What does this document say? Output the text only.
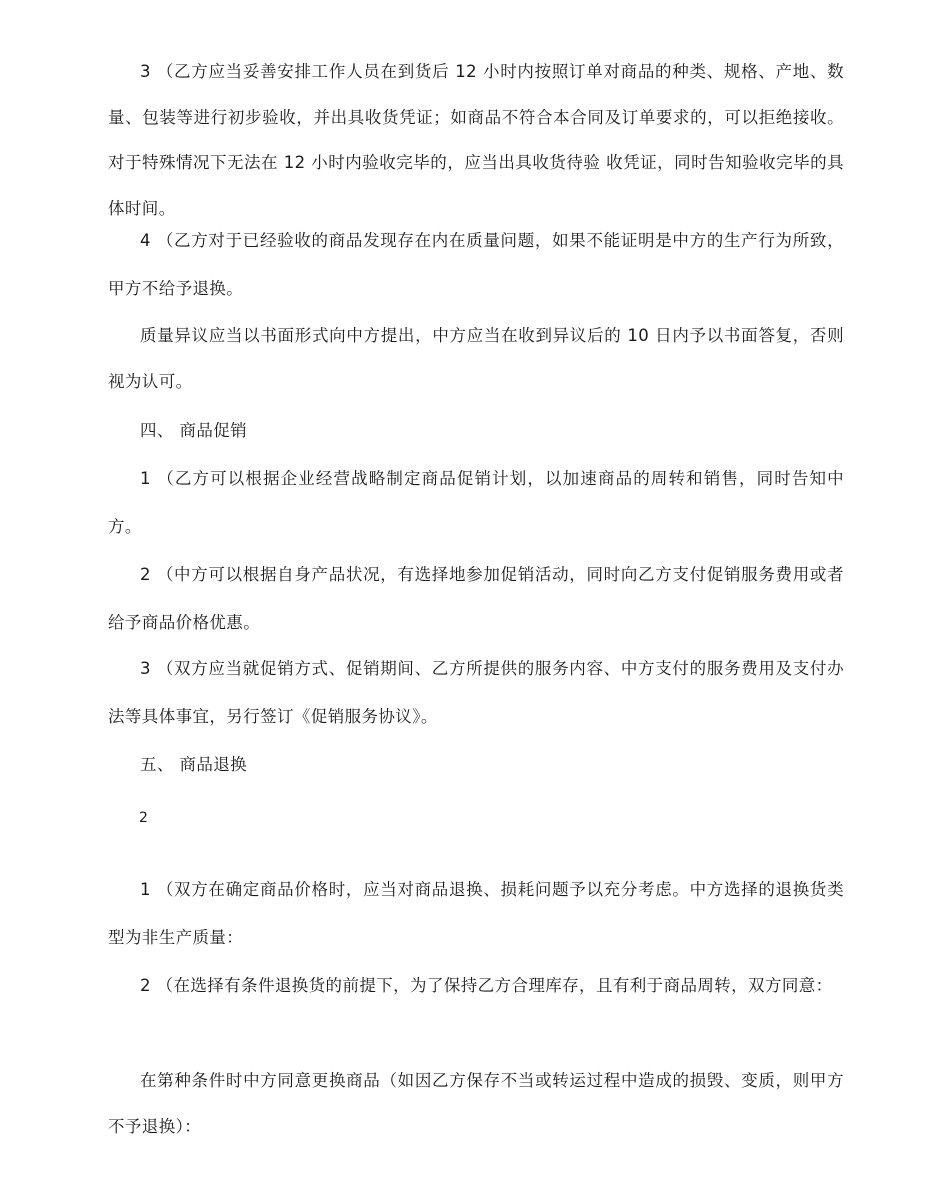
3 （乙方应当妥善安排工作人员在到货后 12 小时内按照订单对商品的种类、规格、产地、数量、包装等进行初步验收，并出具收货凭证；如商品不符合本合同及订单要求的，可以拒绝接收。对于特殊情况下无法在 12 小时内验收完毕的，应当出具收货待验 收凭证，同时告知验收完毕的具体时间。

4 （乙方对于已经验收的商品发现存在内在质量问题，如果不能证明是中方的生产行为所致，甲方不给予退换。

质量异议应当以书面形式向中方提出，中方应当在收到异议后的 10 日内予以书面答复，否则视为认可。

四、 商品促销

1 （乙方可以根据企业经营战略制定商品促销计划，以加速商品的周转和销售，同时告知中方。

2 （中方可以根据自身产品状况，有选择地参加促销活动，同时向乙方支付促销服务费用或者给予商品价格优惠。

3 （双方应当就促销方式、促销期间、乙方所提供的服务内容、中方支付的服务费用及支付办法等具体事宜，另行签订《促销服务协议》。

五、 商品退换

2

1 （双方在确定商品价格时，应当对商品退换、损耗问题予以充分考虑。中方选择的退换货类型为非生产质量：

2 （在选择有条件退换货的前提下，为了保持乙方合理库存，且有利于商品周转，双方同意：

在第种条件时中方同意更换商品（如因乙方保存不当或转运过程中造成的损毁、变质，则甲方不予退换）：
